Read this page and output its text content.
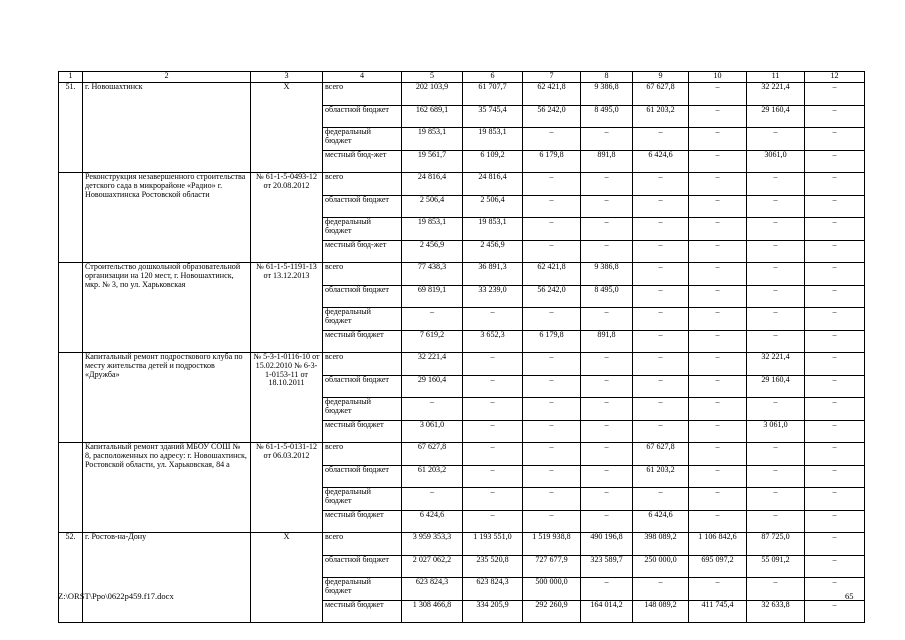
1	2	3	4	5	6	7	8	9	10	11	12
51.	г. Новошахтинск	Х	всего	202 103,9	61 707,7	62 421,8	9 386,8	67 627,8	–	32 221,4	–
			областной бюджет	162 689,1	35 745,4	56 242,0	8 495,0	61 203,2	–	29 160,4	–
			федеральный бюджет	19 853,1	19 853,1	–	–	–	–	–	–
			местный бюд-жет	19 561,7	6 109,2	6 179,8	891,8	6 424,6	–	3061,0	–
	Реконструкция незавершенного строительства детского сада в микрорайоне «Радио» г. Новошахтинска Ростовской области	№ 61-1-5-0493-12 от 20.08.2012	всего	24 816,4	24 816,4	–	–	–	–	–	–
			областной бюджет	2 506,4	2 506,4	–	–	–	–	–	–
			федеральный бюджет	19 853,1	19 853,1	–	–	–	–	–	–
			местный бюд-жет	2 456,9	2 456,9	–	–	–	–	–	–
	Строительство дошкольной образовательной организации на 120 мест, г. Новошахтинск, мкр. № 3, по ул. Харьковская	№ 61-1-5-1191-13 от 13.12.2013	всего	77 438,3	36 891,3	62 421,8	9 386,8	–	–	–	–
			областной бюджет	69 819,1	33 239,0	56 242,0	8 495,0	–	–	–	–
			федеральный бюджет	–	–	–	–	–	–	–	–
			местный бюджет	7 619,2	3 652,3	6 179,8	891,8	–	–	–	–
	Капитальный ремонт подросткового клуба по месту жительства детей и подростков «Дружба»	№ 5-3-1-0116-10 от 15.02.2010 № 6-3-1-0153-11 от 18.10.2011	всего	32 221,4	–	–	–	–	–	32 221,4	–
			областной бюджет	29 160,4	–	–	–	–	–	29 160,4	–
			федеральный бюджет	–	–	–	–	–	–	–	–
			местный бюджет	3 061,0	–	–	–	–	–	3 061,0	–
	Капитальный ремонт зданий МБОУ СОШ № 8, расположенных по адресу: г. Новошахтинск, Ростовской области, ул. Харьковская, 84 а	№ 61-1-5-0131-12 от 06.03.2012	всего	67 627,8	–	–	–	67 627,8	–	–	–
			областной бюджет	61 203,2	–	–	–	61 203,2	–	–	–
			федеральный бюджет	–	–	–	–	–	–	–	–
			местный бюджет	6 424,6	–	–	–	6 424,6	–	–	–
52.	г. Ростов-на-Дону	Х	всего	3 959 353,3	1 193 551,0	1 519 938,8	490 196,8	398 089,2	1 106 842,6	87 725,0	–
			областной бюджет	2 027 062,2	235 520,8	727 677,9	323 589,7	250 000,0	695 097,2	55 091,2	–
			федеральный бюджет	623 824,3	623 824,3	500 000,0	–	–	–	–	–
			местный бюджет	1 308 466,8	334 205,9	292 260,9	164 014,2	148 089,2	411 745,4	32 633,8	–
Z:\ORST\Ppo\0622p459.f17.docx	65
